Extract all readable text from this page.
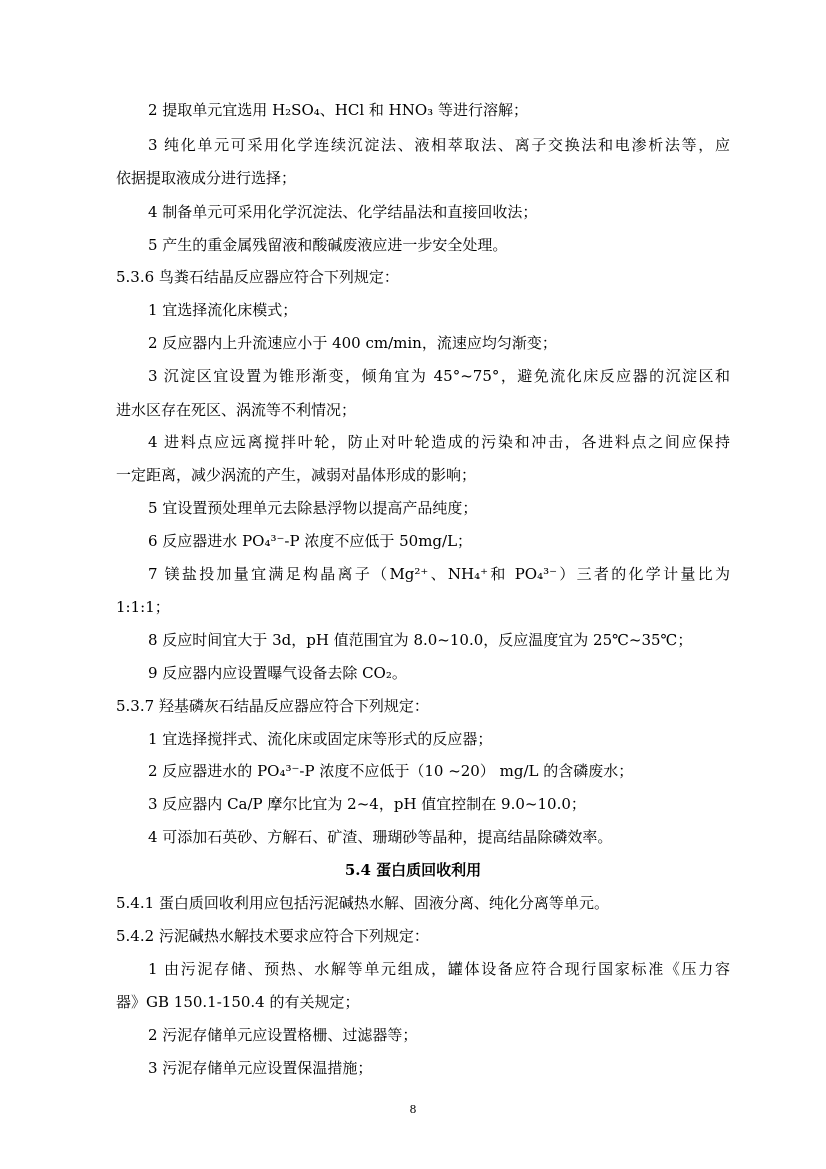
2 提取单元宜选用 H₂SO₄、HCl 和 HNO₃ 等进行溶解；
3 纯化单元可采用化学连续沉淀法、液相萃取法、离子交换法和电渗析法等，应
依据提取液成分进行选择；
4 制备单元可采用化学沉淀法、化学结晶法和直接回收法；
5 产生的重金属残留液和酸碱废液应进一步安全处理。
5.3.6 鸟粪石结晶反应器应符合下列规定：
1 宜选择流化床模式；
2 反应器内上升流速应小于 400 cm/min，流速应均匀渐变；
3 沉淀区宜设置为锥形渐变，倾角宜为 45°~75°，避免流化床反应器的沉淀区和
进水区存在死区、涡流等不利情况；
4 进料点应远离搅拌叶轮，防止对叶轮造成的污染和冲击，各进料点之间应保持
一定距离，减少涡流的产生，减弱对晶体形成的影响；
5 宜设置预处理单元去除悬浮物以提高产品纯度；
6 反应器进水 PO₄³⁻-P 浓度不应低于 50mg/L；
7 镁盐投加量宜满足构晶离子（Mg²⁺、NH₄⁺和 PO₄³⁻）三者的化学计量比为
1:1:1；
8 反应时间宜大于 3d，pH 值范围宜为 8.0~10.0，反应温度宜为 25℃~35℃；
9 反应器内应设置曝气设备去除 CO₂。
5.3.7 羟基磷灰石结晶反应器应符合下列规定：
1 宜选择搅拌式、流化床或固定床等形式的反应器；
2 反应器进水的 PO₄³⁻-P 浓度不应低于（10 ~20） mg/L 的含磷废水；
3 反应器内 Ca/P 摩尔比宜为 2~4，pH 值宜控制在 9.0~10.0；
4 可添加石英砂、方解石、矿渣、珊瑚砂等晶种，提高结晶除磷效率。
5.4 蛋白质回收利用
5.4.1 蛋白质回收利用应包括污泥碱热水解、固液分离、纯化分离等单元。
5.4.2 污泥碱热水解技术要求应符合下列规定：
1 由污泥存储、预热、水解等单元组成，罐体设备应符合现行国家标准《压力容
器》GB 150.1-150.4 的有关规定；
2 污泥存储单元应设置格栅、过滤器等；
3 污泥存储单元应设置保温措施；
8
